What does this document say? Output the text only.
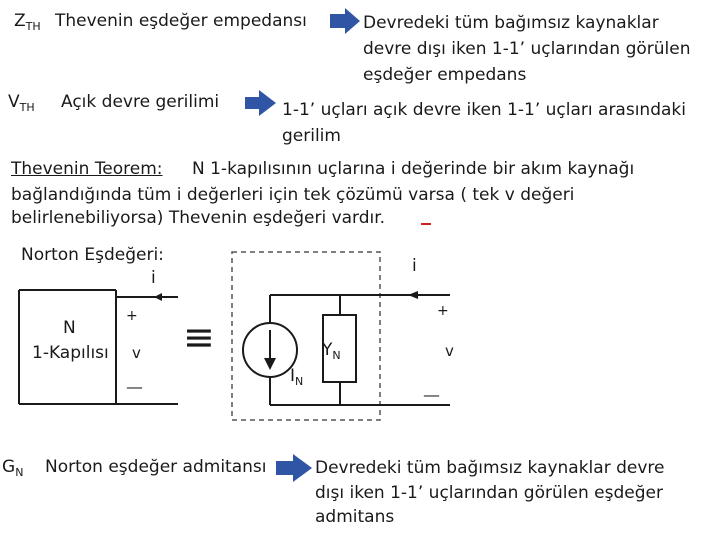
$Z_{TH}$ Thevenin eşdeğer empedansı	Devredeki tüm bağımsız kaynaklar
devre dışı iken 1-1’ uçlarından görülen
eşdeğer empedans
$V_{TH}$ Açık devre gerilimi	1-1’ uçları açık devre iken 1-1’ uçları arasındaki
gerilim
Thevenin Teorem: N 1-kapılısının uçlarına i değerinde bir akım kaynağı
bağlandığında tüm i değerleri için tek çözümü varsa ( tek v değeri
belirlenebiliyorsa) Thevenin eşdeğeri vardır.
Norton Eşdeğeri:
i
N
1-Kapılısı
+
v
__
≡
i
+
v
__
$I_N$
$Y_N$
$G_N$ Norton eşdeğer admitansı	Devredeki tüm bağımsız kaynaklar devre
dışı iken 1-1’ uçlarından görülen eşdeğer
admitans
